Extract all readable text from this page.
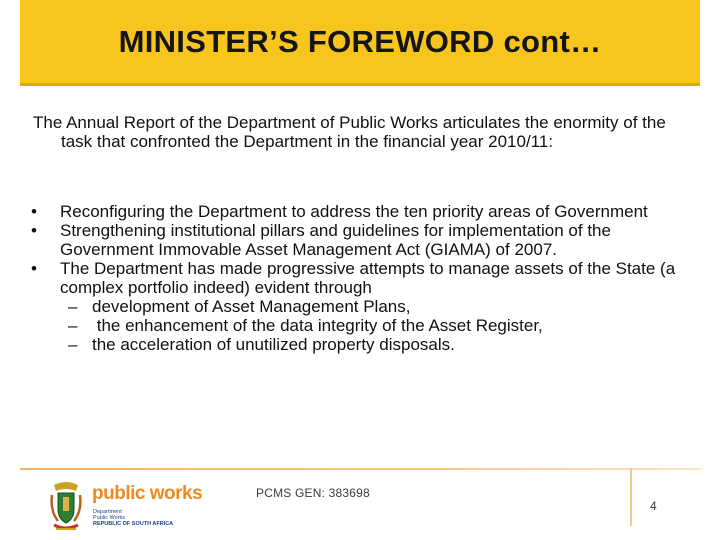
MINISTER’S FOREWORD cont…

The Annual Report of the Department of Public Works articulates the enormity of the task that confronted the Department in the financial year 2010/11:

• Reconfiguring the Department to address the ten priority areas of Government
• Strengthening institutional pillars and guidelines for implementation of the Government Immovable Asset Management Act (GIAMA) of 2007.
• The Department has made progressive attempts to manage assets of the State (a complex portfolio indeed) evident through
– development of Asset Management Plans,
– the enhancement of the data integrity of the Asset Register,
– the acceleration of unutilized property disposals.
public works
Department
Public Works
REPUBLIC OF SOUTH AFRICA
PCMS GEN: 383698
4
